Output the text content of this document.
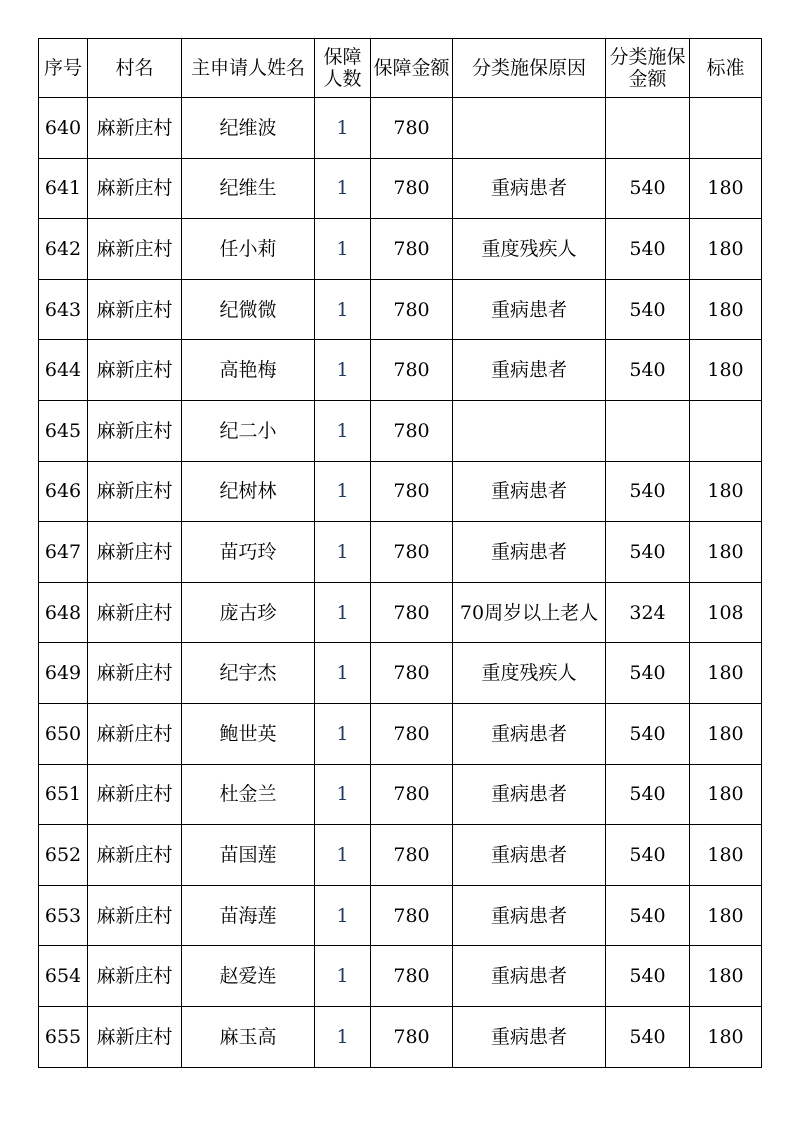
序号	村名	主申请人姓名	保障人数	保障金额	分类施保原因	分类施保金额	标准
640	麻新庄村	纪维波	1	780			
641	麻新庄村	纪维生	1	780	重病患者	540	180
642	麻新庄村	任小莉	1	780	重度残疾人	540	180
643	麻新庄村	纪微微	1	780	重病患者	540	180
644	麻新庄村	高艳梅	1	780	重病患者	540	180
645	麻新庄村	纪二小	1	780			
646	麻新庄村	纪树林	1	780	重病患者	540	180
647	麻新庄村	苗巧玲	1	780	重病患者	540	180
648	麻新庄村	庞古珍	1	780	70周岁以上老人	324	108
649	麻新庄村	纪宇杰	1	780	重度残疾人	540	180
650	麻新庄村	鲍世英	1	780	重病患者	540	180
651	麻新庄村	杜金兰	1	780	重病患者	540	180
652	麻新庄村	苗国莲	1	780	重病患者	540	180
653	麻新庄村	苗海莲	1	780	重病患者	540	180
654	麻新庄村	赵爱连	1	780	重病患者	540	180
655	麻新庄村	麻玉高	1	780	重病患者	540	180
